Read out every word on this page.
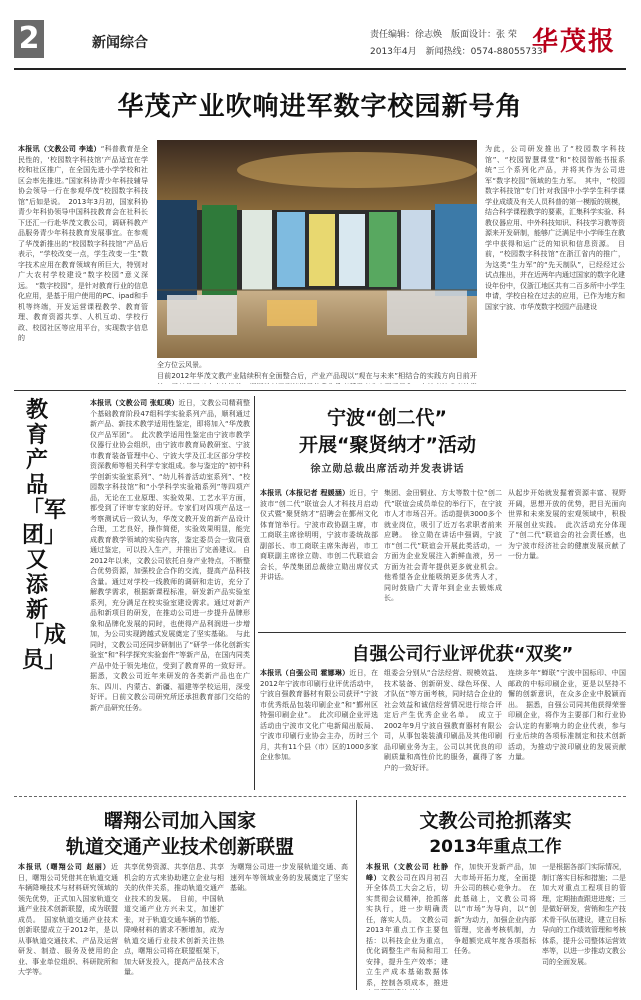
2	新闻综合	责任编辑：徐志焕　版面设计：张 荣
2013年4月　新闻热线：0574-88055733
华茂报
华茂产业吹响进军数字校园新号角
本报讯（文教公司 李逵）“科普教育是全民性的，‘校园数字科技馆’产品适宜在学校和社区推广，在全国先进小学学校和社区会率先推进。”国家科协青少年科技辅导协会领导一行在参观华茂“校园数字科技馆”后如是说。　2013年3月初，国家科协青少年科协领导中国科技教育会在社科长下还汇一行赴华茂文教公司，调研科教产品服务青少年科技教育发展事宜。在参观了华茂新推出的“校园数字科技馆”产品后表示，“学校改变一点，学生改变一生”数字技术应用在教育领域有所巨大，特别对广大农村学校建设“数字校园”意义深远。　“数字校园”，是针对教育行业的信息化应用，是基于用户使用的PC、ipad和手机等终端，开发运营课程教学、教育管理、教育资源共享、人机互动、学校行政、校园社区等应用平台，实现数字信息的
全方位云风景。
目前2012年华茂文教产业陆续积有全面整合后，产业产品现以“观在与未来”相结合的实践方向日前开
为此，公司研发推出了“校园数字科技馆”、“校园智慧课堂”和“校园智能书报系统”三个系列化产品，并将其作为公司进军“数字校园”领域的生力军。　其中，“校园数字科技馆”专门针对我国中小学学生科学课学业成绩及有关人员科普的第一模版的规模，结合科学课程教学的要素，汇集科学实验、科教仪器应用、中外科技知识、科技学习教等资源来开发研制，能够广泛满足中小学师生在教学中获得和运广泛的知识和信息资源。　目前，“校园数字科技馆”在浙江省内的推广，为这类“生力军”的“先天制队”，已经经过公试点推出，并在近两年内通过国家的数字化建设年份中，仅浙江地区共有二百多所中小学生申请，学校自检在过去的应用，已作为地方和国家宁波、市华茂数字校园产品建设
教育产品「军团」又添新「成员」
本报讯（文教公司 张虹瑛）近日，文教公司精莉整个基础教育阶段47组科学实验系列产品，顺利通过新产品、新技术教学适用性鉴定，即将加入“华茂教仪产品军团”。　此次教学适用性鉴定由宁波市教学仪器行业协会组织，由宁波市教育局教研室、宁波市教育装备管理中心、宁波大学及江北区部分学校资深教师等相关科学专家组成。参与鉴定的“初中科学创新实验室系列”、“幼儿科普活动室系列”、“校园数字科技馆”和“小学科学实验箱系列”等四项产品，无论在工业原理、实验效果、工艺水平方面，都受到了评审专家的好评。专家们对四项产品这一考察测试后一致认为，华茂文教开发的新产品设计合理，工艺良好，操作简便，实验效果明显，能完成教育教学领域的实验内容，鉴定委员会一致同意通过鉴定，可以投入生产，并推出了完善建议。 自2012年以来，文教公司依托自身产业特点，不断整合优势资源，加强校企合作的交流，提高产品科技含量。通过对学校一线教师的调研和走访，充分了解教学需求，根据新课程标准，研发新产品实验室系列，充分满足在校实验室建设需求。通过对新产品和新项目的研发，在推动公司进一步提升品牌形象和品牌化发展的同时，也使得产品利润进一步增加，为公司实现跨越式发展奠定了坚实基础。　与此同时，文教公司还同步研制出了“研学一体化创新实验室”和“科学探究实验套件”等新产品，在国内同类产品中处于领先地位，受到了教育界的一致好评。 据悉，文教公司近年来研发的各类新产品也在广东、四川、内蒙古、新疆、福建等学校运用，深受好评。日前文教公司研究所还承担教育部门交给的新产品研究任务。
宁波“创二代”
开展“聚贤纳才”活动
徐立勋总裁出席活动并发表讲话
本报讯（本报记者 程媛涵）近日，宁波市“创二代”联谊会人才科技月启动仪式暨“聚贤纳才”招聘会在鄞州文化体育馆举行。宁波市政协副主席，市工商联主席徐明明，宁波市委统战部副部长、市工商联主席朱海岩，市工商联副主席徐立勋、市创二代联谊会会长，华茂集团总裁徐立勋出席仪式并讲话。
集团、金田铜业、方太等数十位“创二代”联谊会成员单位的举行下，在宁波市人才市场召开。活动提供3000多个就业岗位，吸引了近万名求职者前来应聘。　徐立勋在讲话中强调，宁波市“创二代”联谊会开展此类活动，一方面为企业发展注入新鲜血液，另一方面为社会青年提供更多就业机会。他希望各企业能吸纳更多优秀人才，同时鼓励广大青年到企业去锻炼成长。
从起步开始就发掘着资源丰富、视野开阔，思想开放的优势，把目光面向世界和未来发展的宏观领域中，积极开展创业实践。　此次活动充分体现了“创二代”联谊会的社会责任感，也为宁波市经济社会的健康发展贡献了一份力量。
自强公司行业评优获“双奖”
本报讯（自强公司 霍娜琳）近日，在2012年宁波市印刷行业评优活动中，宁波自强教育器材有限公司获评“宁波市优秀纸品包装印刷企业”和“鄞州区特强印刷企业”。　此次印刷企业评选活动由宁波市文化广电新闻出版局、宁波市印刷行业协会主办，历时三个月，共有11个县（市）区的1000多家企业参加。
组委会分别从“合法经营、规模效益、技术装备、创新研发、绿色环保、人才队伍”等方面考核，同时结合企业的社会效益和诚信经营情况进行综合评定后产生优秀企业名单。　成立于2002年9月宁波自强教育器材有限公司，从事包装装潢印刷品及其他印刷品印刷业务为主，公司以其优良的印刷质量和高性价比的服务，赢得了客户的一致好评。
连续多年“蝉联”宁波中国标印、中国邮政的中标印刷企业，更是以坚持不懈的创新意识，在众多企业中脱颖而出。　据悉，自强公司同其他获得荣誉印刷企业，将作为主要部门和行业协会认定的有影响力的企业代表，参与行业后续的各项标准制定和技术创新活动，为推动宁波印刷业的发展贡献力量。
曙翔公司加入国家
轨道交通产业技术创新联盟
本报讯（曙翔公司 赵丽）近日，曙翔公司凭借其在轨道交通车辆降噪技术与材料研究领域的领先优势，正式加入国家轨道交通产业技术创新联盟，成为联盟成员。　国家轨道交通产业技术创新联盟成立于2012年，是以从事轨道交通技术、产品及运营研发、制造、服务及使用的企业、事业单位组织、科研院所和大学等。
共享优势资源、共享信息、共享机会的方式来协助建立企业与相关的伙伴关系，推动轨道交通产业技术的发展。　目前，中国轨道交通产业方兴未艾，加速扩张，对于轨道交通车辆的节能、降噪材料的需求不断增加，成为轨道交通行业技术创新关注热点，曙翔公司将在联盟框架下，加大研发投入，提高产品技术含量。
为曙翔公司进一步发展轨道交通、高速列车等领域业务的发展奠定了坚实基础。
文教公司抢抓落实
2013年重点工作
本报讯（文教公司 杜静峰）文教公司在四月初召开全体员工大会之后，切实贯彻会议精神，抢抓落实执行，进一步明确责任，落实人员。　文教公司2013年重点工作主要包括：以科技企业为重点，优化调整生产布局和用工安排，提升生产效率；建立生产成本基础数据体系，控制各项成本，推进
作，加快开发新产品，加大市场开拓力度，全面提升公司的核心竞争力。　在此基础上，文教公司将以“市场”为导向，以“创新”为动力，加强企业内部管理，完善考核机制，力争超额完成年度各项指标任务。
一是根据各部门实际情况，制订落实目标和措施；二是加大对重点工程项目的管理，定期抽查跟进进度；三是做好研发，营销和生产技术骨干队伍建设，建立目标导向的工作绩效管理和考核体系，提升公司整体运营效率等，以进一步推动文教公司的全面发展。
